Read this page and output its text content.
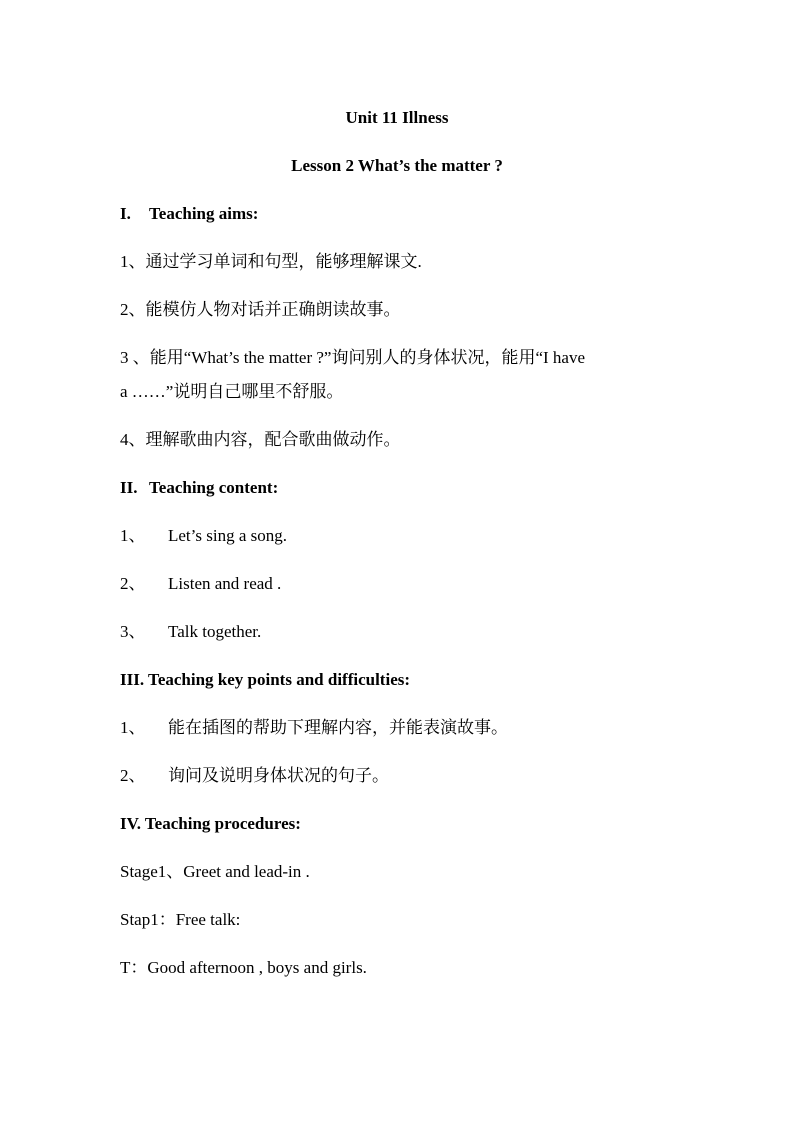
Unit 11 Illness
Lesson 2 What’s the matter ?
I. Teaching aims:
1、通过学习单词和句型，能够理解课文.
2、能模仿人物对话并正确朗读故事。
3 、能用“What’s the matter ?”询问别人的身体状况，能用“I have
a ……”说明自己哪里不舒服。
4、理解歌曲内容，配合歌曲做动作。
II. Teaching content:
1、 Let’s sing a song.
2、 Listen and read .
3、 Talk together.
III. Teaching key points and difficulties:
1、 能在插图的帮助下理解内容，并能表演故事。
2、 询问及说明身体状况的句子。
IV. Teaching procedures:
Stage1、Greet and lead-in .
Stap1：Free talk:
T：Good afternoon , boys and girls.
